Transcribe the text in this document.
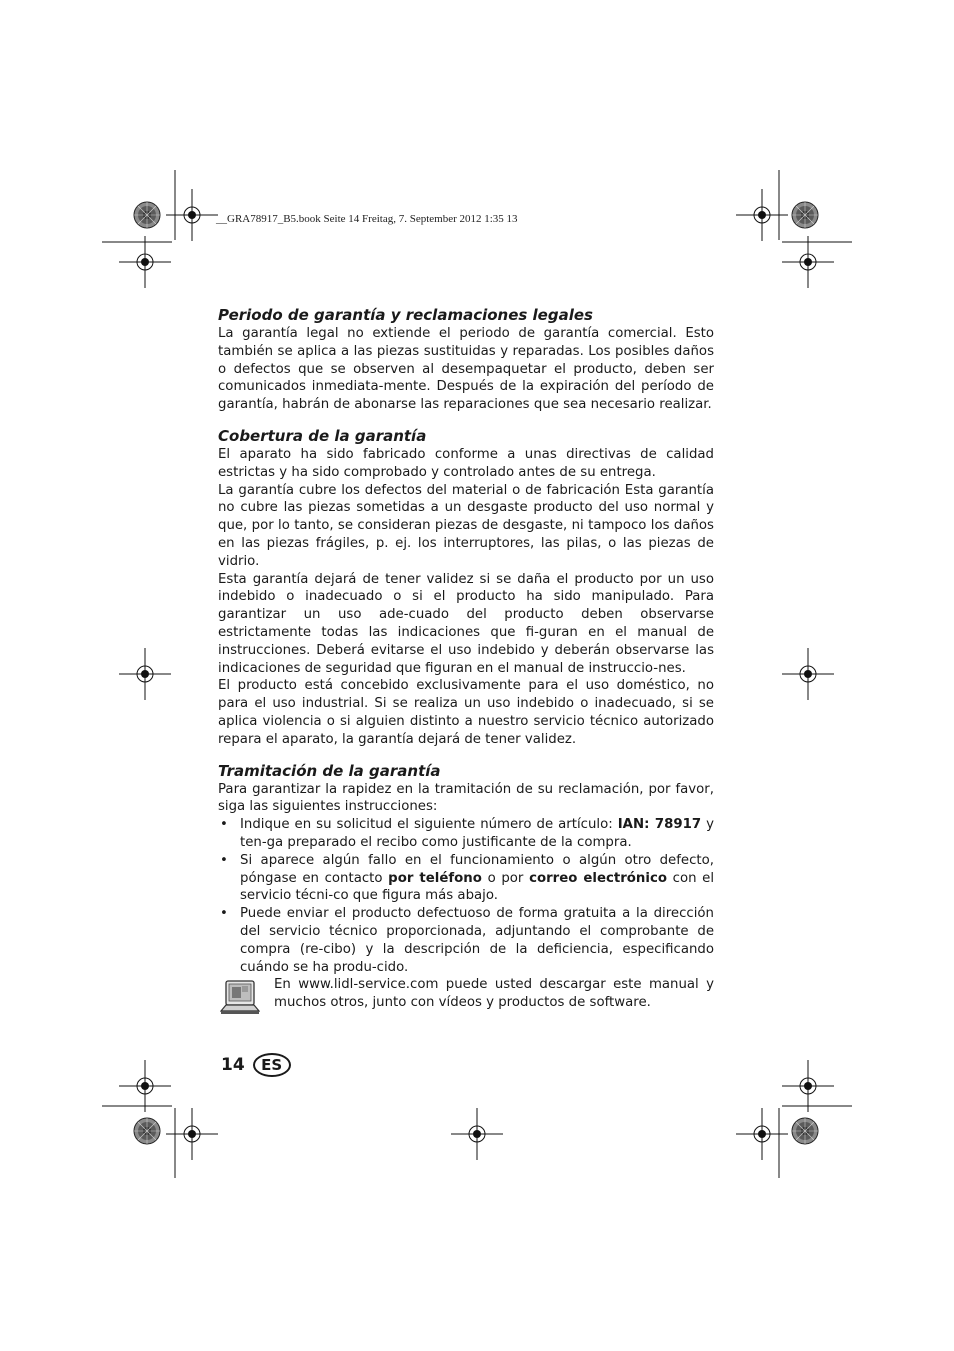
__GRA78917_B5.book Seite 14 Freitag, 7. September 2012 1:35 13
Periodo de garantía y reclamaciones legales

La garantía legal no extiende el periodo de garantía comercial. Esto también se aplica a las piezas sustituidas y reparadas. Los posibles daños o defectos que se observen al desempaquetar el producto, deben ser comunicados inmediata-mente. Después de la expiración del período de garantía, habrán de abonarse las reparaciones que sea necesario realizar.

Cobertura de la garantía

El aparato ha sido fabricado conforme a unas directivas de calidad estrictas y ha sido comprobado y controlado antes de su entrega.

La garantía cubre los defectos del material o de fabricación Esta garantía no cubre las piezas sometidas a un desgaste producto del uso normal y que, por lo tanto, se consideran piezas de desgaste, ni tampoco los daños en las piezas frágiles, p. ej. los interruptores, las pilas, o las piezas de vidrio.

Esta garantía dejará de tener validez si se daña el producto por un uso indebido o inadecuado o si el producto ha sido manipulado. Para garantizar un uso ade-cuado del producto deben observarse estrictamente todas las indicaciones que fi-guran en el manual de instrucciones. Deberá evitarse el uso indebido y deberán observarse las indicaciones de seguridad que figuran en el manual de instruccio-nes.

El producto está concebido exclusivamente para el uso doméstico, no para el uso industrial. Si se realiza un uso indebido o inadecuado, si se aplica violencia o si alguien distinto a nuestro servicio técnico autorizado repara el aparato, la garantía dejará de tener validez.

Tramitación de la garantía

Para garantizar la rapidez en la tramitación de su reclamación, por favor, siga las siguientes instrucciones:

• Indique en su solicitud el siguiente número de artículo: IAN: 78917 y ten-ga preparado el recibo como justificante de la compra.
• Si aparece algún fallo en el funcionamiento o algún otro defecto, póngase en contacto por teléfono o por correo electrónico con el servicio técni-co que figura más abajo.
• Puede enviar el producto defectuoso de forma gratuita a la dirección del servicio técnico proporcionada, adjuntando el comprobante de compra (re-cibo) y la descripción de la deficiencia, especificando cuándo se ha produ-cido.

En www.lidl-service.com puede usted descargar este manual y muchos otros, junto con vídeos y productos de software.

14	ES
